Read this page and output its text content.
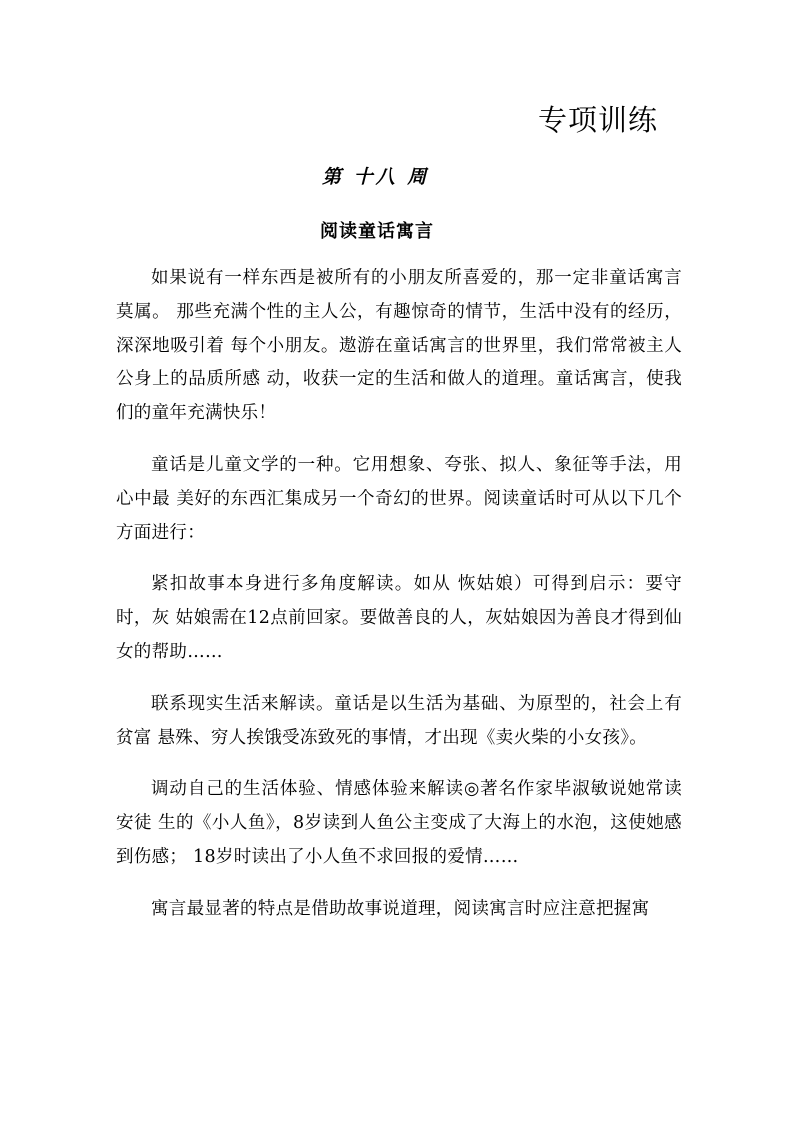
专项训练
第 十八 周
阅读童话寓言

如果说有一样东西是被所有的小朋友所喜爱的，那一定非童话寓言莫属。 那些充满个性的主人公，有趣惊奇的情节，生活中没有的经历，深深地吸引着 每个小朋友。遨游在童话寓言的世界里，我们常常被主人公身上的品质所感 动，收获一定的生活和做人的道理。童话寓言，使我们的童年充满快乐！

童话是儿童文学的一种。它用想象、夸张、拟人、象征等手法，用心中最 美好的东西汇集成另一个奇幻的世界。阅读童话时可从以下几个方面进行：

紧扣故事本身进行多角度解读。如从 恢姑娘）可得到启示：要守时，灰 姑娘需在12点前回家。要做善良的人，灰姑娘因为善良才得到仙女的帮助……

联系现实生活来解读。童话是以生活为基础、为原型的，社会上有贫富 悬殊、穷人挨饿受冻致死的事情，才出现《卖火柴的小女孩》。

调动自己的生活体验、情感体验来解读◎著名作家毕淑敏说她常读安徒 生的《小人鱼》，8岁读到人鱼公主变成了大海上的水泡，这使她感到伤感； 18岁时读出了小人鱼不求回报的爱情……

寓言最显著的特点是借助故事说道理，阅读寓言时应注意把握寓
